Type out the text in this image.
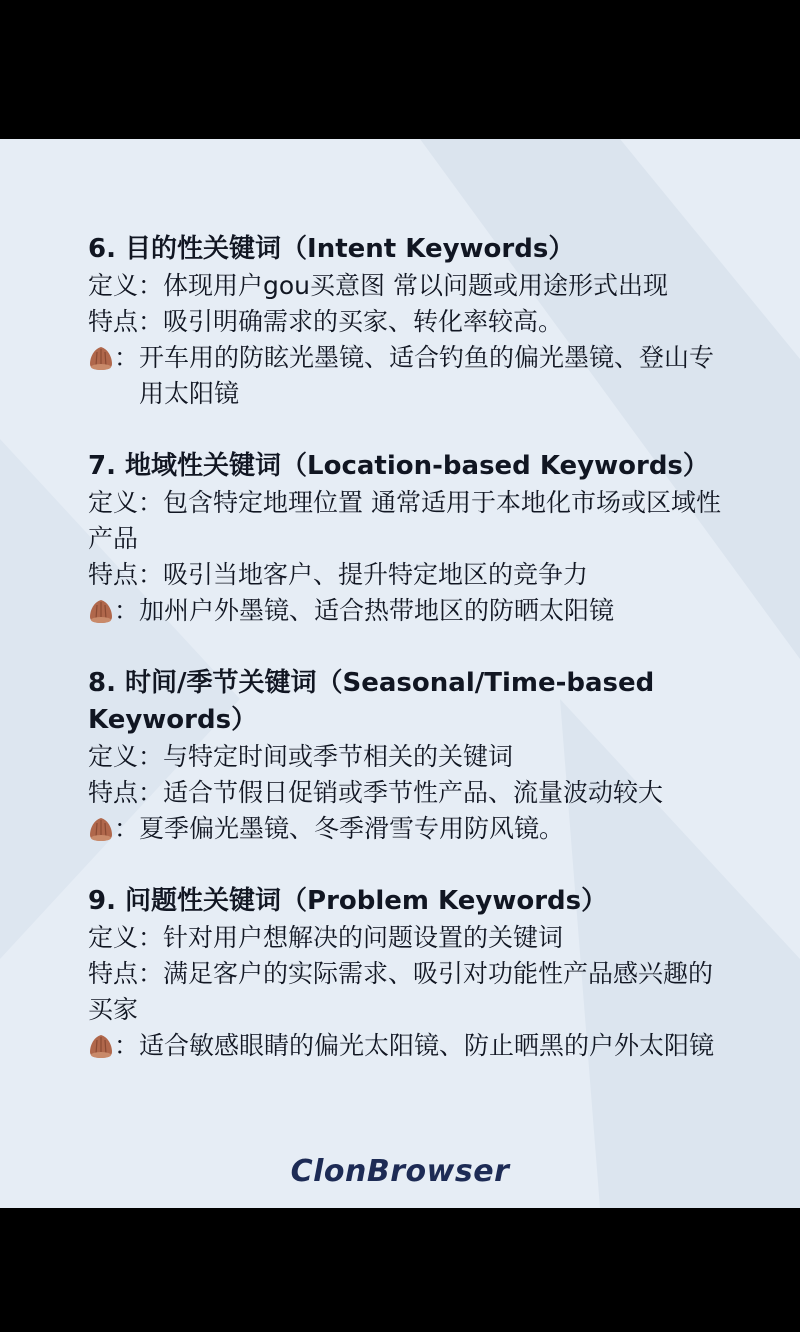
6. 目的性关键词（Intent Keywords）

定义：体现用户gou买意图 常以问题或用途形式出现

特点：吸引明确需求的买家、转化率较高。

： 开车用的防眩光墨镜、适合钓鱼的偏光墨镜、登山专用太阳镜

7. 地域性关键词（Location-based Keywords）

定义：包含特定地理位置 通常适用于本地化市场或区域性产品

特点：吸引当地客户、提升特定地区的竞争力

： 加州户外墨镜、适合热带地区的防晒太阳镜

8. 时间/季节关键词（Seasonal/Time-based Keywords）

定义：与特定时间或季节相关的关键词

特点：适合节假日促销或季节性产品、流量波动较大

： 夏季偏光墨镜、冬季滑雪专用防风镜。

9. 问题性关键词（Problem Keywords）

定义：针对用户想解决的问题设置的关键词

特点：满足客户的实际需求、吸引对功能性产品感兴趣的买家

： 适合敏感眼睛的偏光太阳镜、防止晒黑的户外太阳镜
ClonBrowser
